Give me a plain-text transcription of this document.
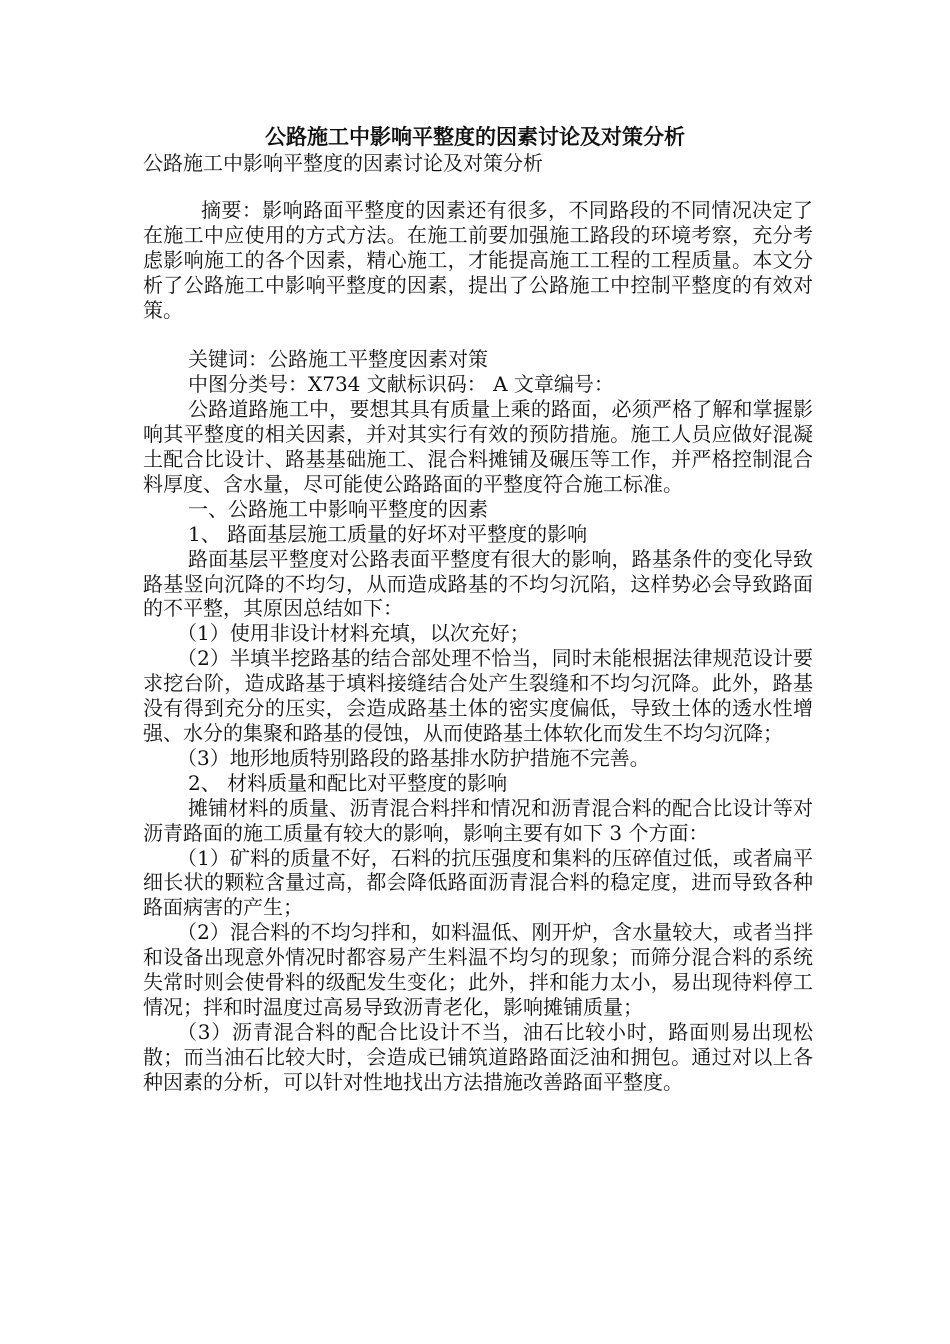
公路施工中影响平整度的因素讨论及对策分析

公路施工中影响平整度的因素讨论及对策分析

摘要：影响路面平整度的因素还有很多，不同路段的不同情况决定了在施工中应使用的方式方法。在施工前要加强施工路段的环境考察，充分考虑影响施工的各个因素，精心施工，才能提高施工工程的工程质量。本文分析了公路施工中影响平整度的因素，提出了公路施工中控制平整度的有效对策。

关键词：公路施工平整度因素对策

中图分类号：X734 文献标识码： A 文章编号：

公路道路施工中，要想其具有质量上乘的路面，必须严格了解和掌握影响其平整度的相关因素，并对其实行有效的预防措施。施工人员应做好混凝土配合比设计、路基基础施工、混合料摊铺及碾压等工作，并严格控制混合料厚度、含水量，尽可能使公路路面的平整度符合施工标准。

一、公路施工中影响平整度的因素

1、 路面基层施工质量的好坏对平整度的影响

路面基层平整度对公路表面平整度有很大的影响，路基条件的变化导致路基竖向沉降的不均匀，从而造成路基的不均匀沉陷，这样势必会导致路面的不平整，其原因总结如下：

（1）使用非设计材料充填，以次充好；

（2）半填半挖路基的结合部处理不恰当，同时未能根据法律规范设计要求挖台阶，造成路基于填料接缝结合处产生裂缝和不均匀沉降。此外，路基没有得到充分的压实，会造成路基土体的密实度偏低，导致土体的透水性增强、水分的集聚和路基的侵蚀，从而使路基土体软化而发生不均匀沉降；

（3）地形地质特别路段的路基排水防护措施不完善。

2、 材料质量和配比对平整度的影响

摊铺材料的质量、沥青混合料拌和情况和沥青混合料的配合比设计等对沥青路面的施工质量有较大的影响，影响主要有如下 3 个方面：

（1）矿料的质量不好，石料的抗压强度和集料的压碎值过低，或者扁平细长状的颗粒含量过高，都会降低路面沥青混合料的稳定度，进而导致各种路面病害的产生；

（2）混合料的不均匀拌和，如料温低、刚开炉，含水量较大，或者当拌和设备出现意外情况时都容易产生料温不均匀的现象；而筛分混合料的系统失常时则会使骨料的级配发生变化；此外，拌和能力太小，易出现待料停工情况；拌和时温度过高易导致沥青老化，影响摊铺质量；

（3）沥青混合料的配合比设计不当，油石比较小时，路面则易出现松散；而当油石比较大时，会造成已铺筑道路路面泛油和拥包。通过对以上各种因素的分析，可以针对性地找出方法措施改善路面平整度。
